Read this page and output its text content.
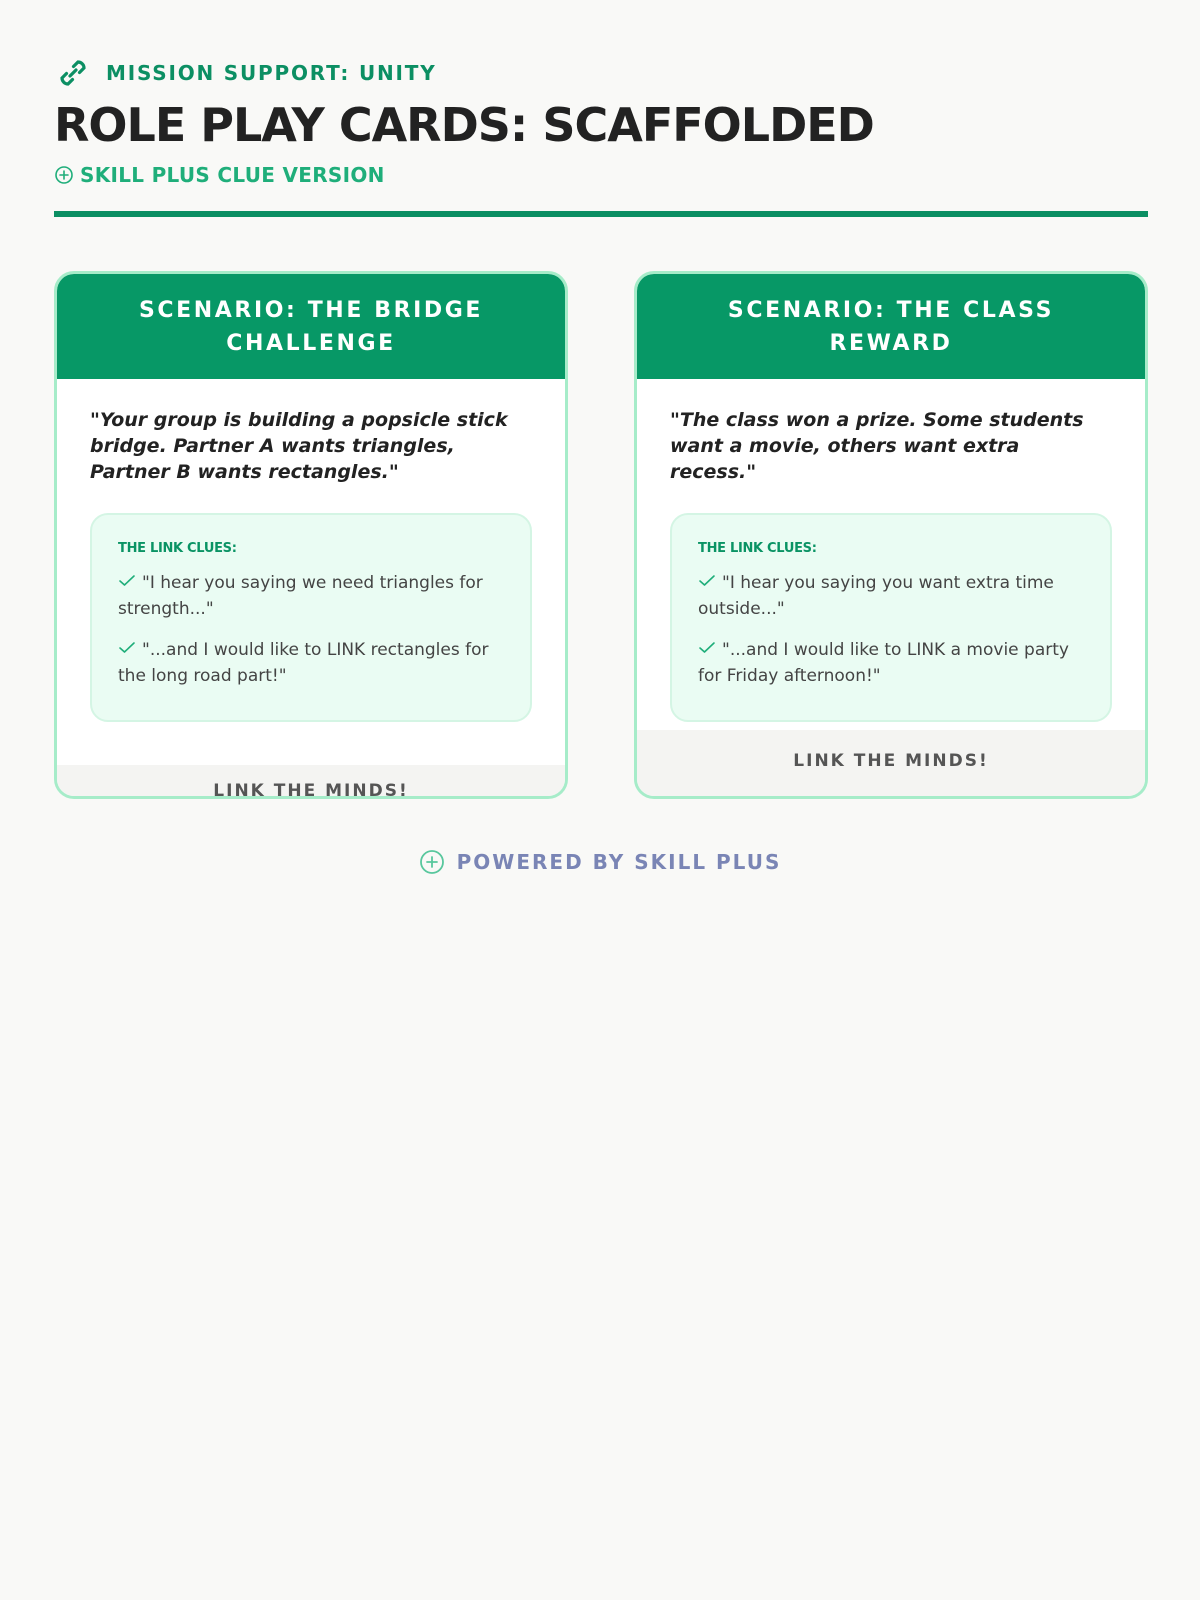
MISSION SUPPORT: UNITY
ROLE PLAY CARDS: SCAFFOLDED
SKILL PLUS CLUE VERSION
SCENARIO: THE BRIDGE CHALLENGE

"Your group is building a popsicle stick bridge. Partner A wants triangles, Partner B wants rectangles."

THE LINK CLUES:

"I hear you saying we need triangles for strength..."

"...and I would like to LINK rectangles for the long road part!"

LINK THE MINDS!
SCENARIO: THE CLASS REWARD

"The class won a prize. Some students want a movie, others want extra recess."

THE LINK CLUES:

"I hear you saying you want extra time outside..."

"...and I would like to LINK a movie party for Friday afternoon!"

LINK THE MINDS!
POWERED BY SKILL PLUS
